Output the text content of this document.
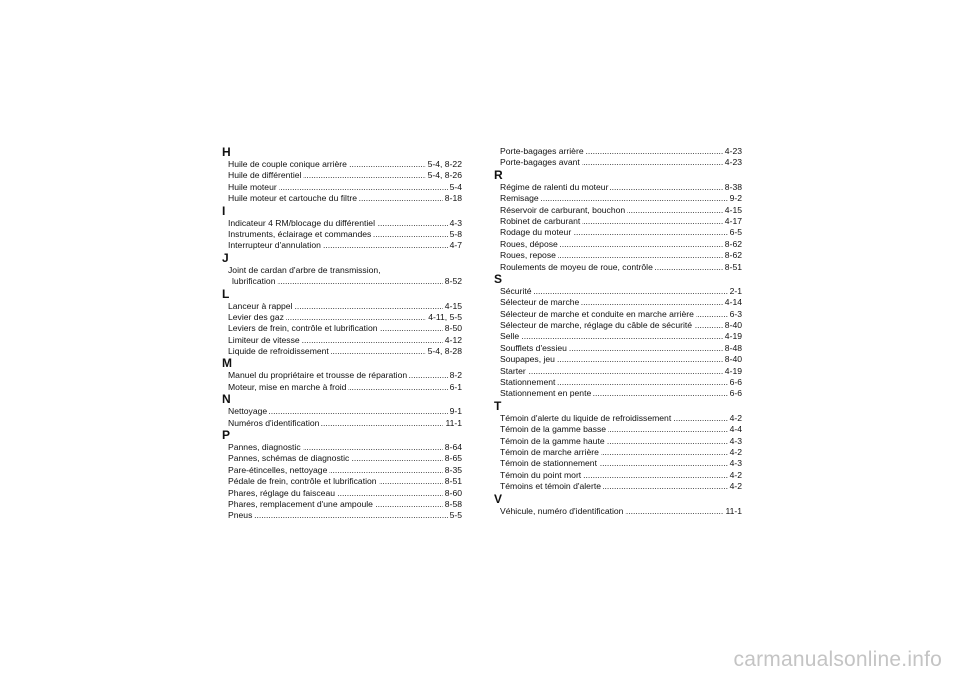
H
Huile de couple conique arrière	5-4, 8-22
. . .
Huile de différentiel	5-4, 8-26
. . .
Huile moteur	5-4
. . .
Huile moteur et cartouche du filtre	8-18
. . .
I
Indicateur 4 RM/blocage du différentiel	4-3
. . .
Instruments, éclairage et commandes	5-8
. . .
Interrupteur d'annulation	4-7
. . .
J
Joint de cardan d'arbre de transmission,
lubrification	8-52
. . .
L
Lanceur à rappel	4-15
. . .
Levier des gaz	4-11, 5-5
. . .
Leviers de frein, contrôle et lubrification	8-50
. . .
Limiteur de vitesse	4-12
. . .
Liquide de refroidissement	5-4, 8-28
. . .
M
Manuel du propriétaire et trousse de réparation	8-2
. . .
Moteur, mise en marche à froid	6-1
. . .
N
Nettoyage	9-1
. . .
Numéros d'identification	11-1
. . .
P
Pannes, diagnostic	8-64
. . .
Pannes, schémas de diagnostic	8-65
. . .
Pare-étincelles, nettoyage	8-35
. . .
Pédale de frein, contrôle et lubrification	8-51
. . .
Phares, réglage du faisceau	8-60
. . .
Phares, remplacement d'une ampoule	8-58
. . .
Pneus	5-5
. . .
Porte-bagages arrière	4-23
. . .
Porte-bagages avant	4-23
. . .
R
Régime de ralenti du moteur	8-38
. . .
Remisage	9-2
. . .
Réservoir de carburant, bouchon	4-15
. . .
Robinet de carburant	4-17
. . .
Rodage du moteur	6-5
. . .
Roues, dépose	8-62
. . .
Roues, repose	8-62
. . .
Roulements de moyeu de roue, contrôle	8-51
. . .
S
Sécurité	2-1
. . .
Sélecteur de marche	4-14
. . .
Sélecteur de marche et conduite en marche arrière	6-3
. . .
Sélecteur de marche, réglage du câble de sécurité	8-40
. . .
Selle	4-19
. . .
Soufflets d'essieu	8-48
. . .
Soupapes, jeu	8-40
. . .
Starter	4-19
. . .
Stationnement	6-6
. . .
Stationnement en pente	6-6
. . .
T
Témoin d'alerte du liquide de refroidissement	4-2
. . .
Témoin de la gamme basse	4-4
. . .
Témoin de la gamme haute	4-3
. . .
Témoin de marche arrière	4-2
. . .
Témoin de stationnement	4-3
. . .
Témoin du point mort	4-2
. . .
Témoins et témoin d'alerte	4-2
. . .
V
Véhicule, numéro d'identification	11-1
. . .
carmanualsonline.info
